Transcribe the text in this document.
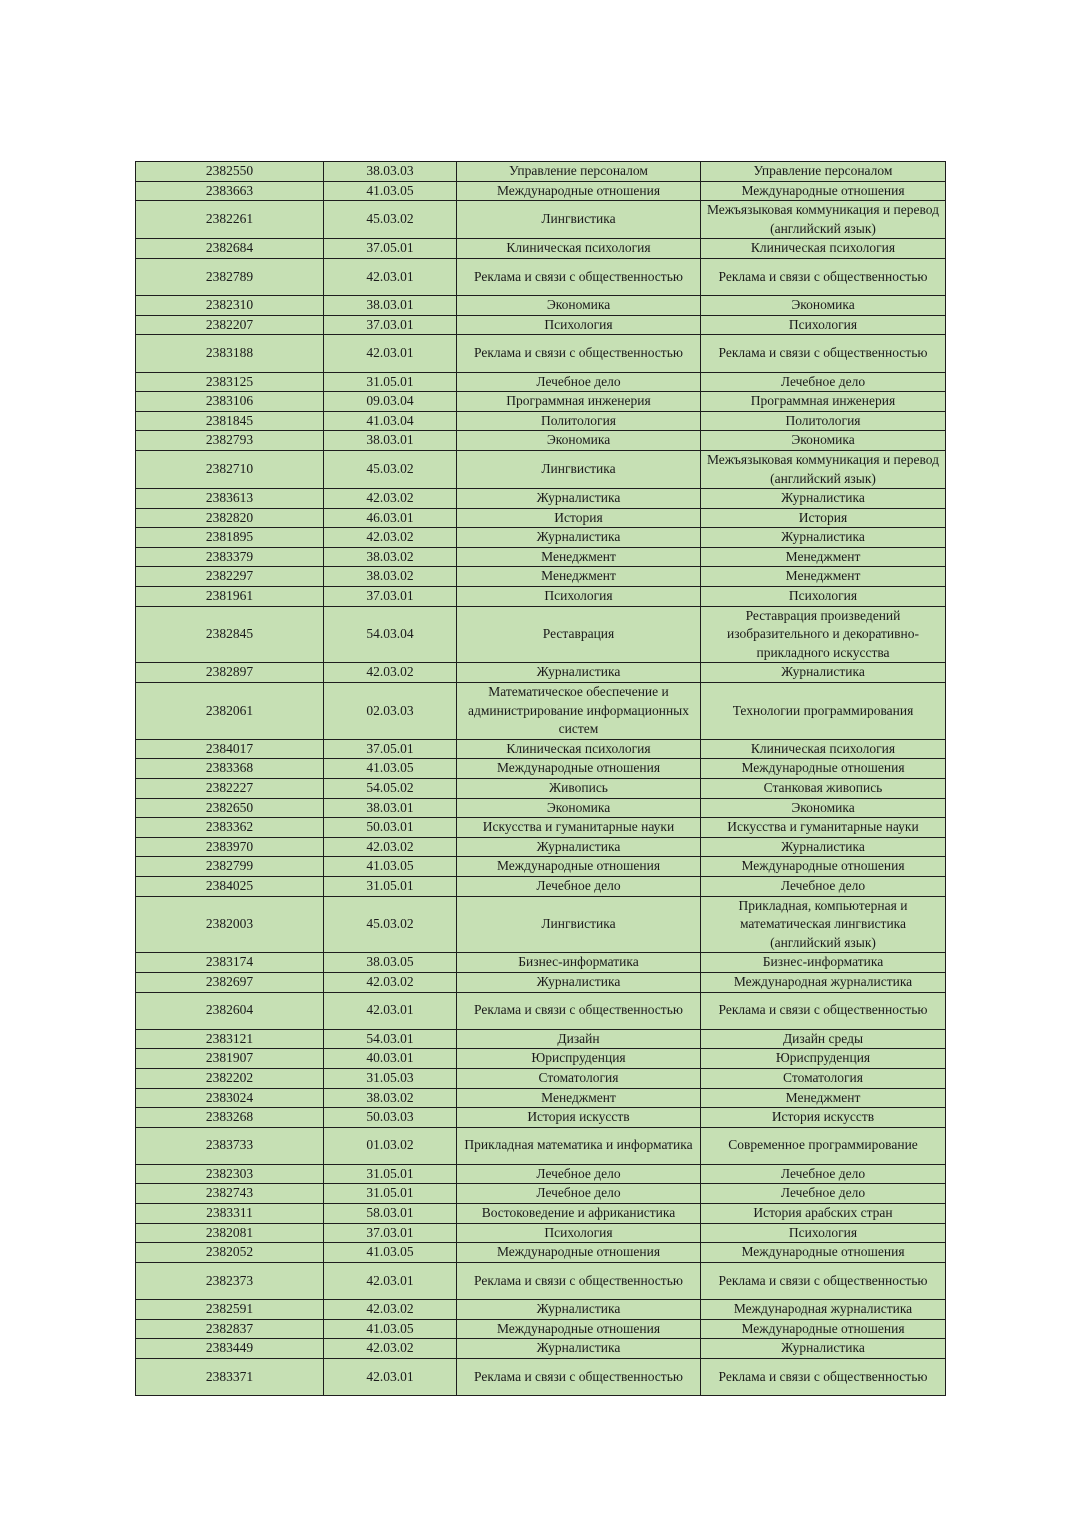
2382550	38.03.03	Управление персоналом	Управление персоналом
2383663	41.03.05	Международные отношения	Международные отношения
2382261	45.03.02	Лингвистика	Межъязыковая коммуникация и перевод (английский язык)
2382684	37.05.01	Клиническая психология	Клиническая психология
2382789	42.03.01	Реклама и связи с общественностью	Реклама и связи с общественностью
2382310	38.03.01	Экономика	Экономика
2382207	37.03.01	Психология	Психология
2383188	42.03.01	Реклама и связи с общественностью	Реклама и связи с общественностью
2383125	31.05.01	Лечебное дело	Лечебное дело
2383106	09.03.04	Программная инженерия	Программная инженерия
2381845	41.03.04	Политология	Политология
2382793	38.03.01	Экономика	Экономика
2382710	45.03.02	Лингвистика	Межъязыковая коммуникация и перевод (английский язык)
2383613	42.03.02	Журналистика	Журналистика
2382820	46.03.01	История	История
2381895	42.03.02	Журналистика	Журналистика
2383379	38.03.02	Менеджмент	Менеджмент
2382297	38.03.02	Менеджмент	Менеджмент
2381961	37.03.01	Психология	Психология
2382845	54.03.04	Реставрация	Реставрация произведений изобразительного и декоративно-прикладного искусства
2382897	42.03.02	Журналистика	Журналистика
2382061	02.03.03	Математическое обеспечение и администрирование информационных систем	Технологии программирования
2384017	37.05.01	Клиническая психология	Клиническая психология
2383368	41.03.05	Международные отношения	Международные отношения
2382227	54.05.02	Живопись	Станковая живопись
2382650	38.03.01	Экономика	Экономика
2383362	50.03.01	Искусства и гуманитарные науки	Искусства и гуманитарные науки
2383970	42.03.02	Журналистика	Журналистика
2382799	41.03.05	Международные отношения	Международные отношения
2384025	31.05.01	Лечебное дело	Лечебное дело
2382003	45.03.02	Лингвистика	Прикладная, компьютерная и математическая лингвистика (английский язык)
2383174	38.03.05	Бизнес-информатика	Бизнес-информатика
2382697	42.03.02	Журналистика	Международная журналистика
2382604	42.03.01	Реклама и связи с общественностью	Реклама и связи с общественностью
2383121	54.03.01	Дизайн	Дизайн среды
2381907	40.03.01	Юриспруденция	Юриспруденция
2382202	31.05.03	Стоматология	Стоматология
2383024	38.03.02	Менеджмент	Менеджмент
2383268	50.03.03	История искусств	История искусств
2383733	01.03.02	Прикладная математика и информатика	Современное программирование
2382303	31.05.01	Лечебное дело	Лечебное дело
2382743	31.05.01	Лечебное дело	Лечебное дело
2383311	58.03.01	Востоковедение и африканистика	История арабских стран
2382081	37.03.01	Психология	Психология
2382052	41.03.05	Международные отношения	Международные отношения
2382373	42.03.01	Реклама и связи с общественностью	Реклама и связи с общественностью
2382591	42.03.02	Журналистика	Международная журналистика
2382837	41.03.05	Международные отношения	Международные отношения
2383449	42.03.02	Журналистика	Журналистика
2383371	42.03.01	Реклама и связи с общественностью	Реклама и связи с общественностью
